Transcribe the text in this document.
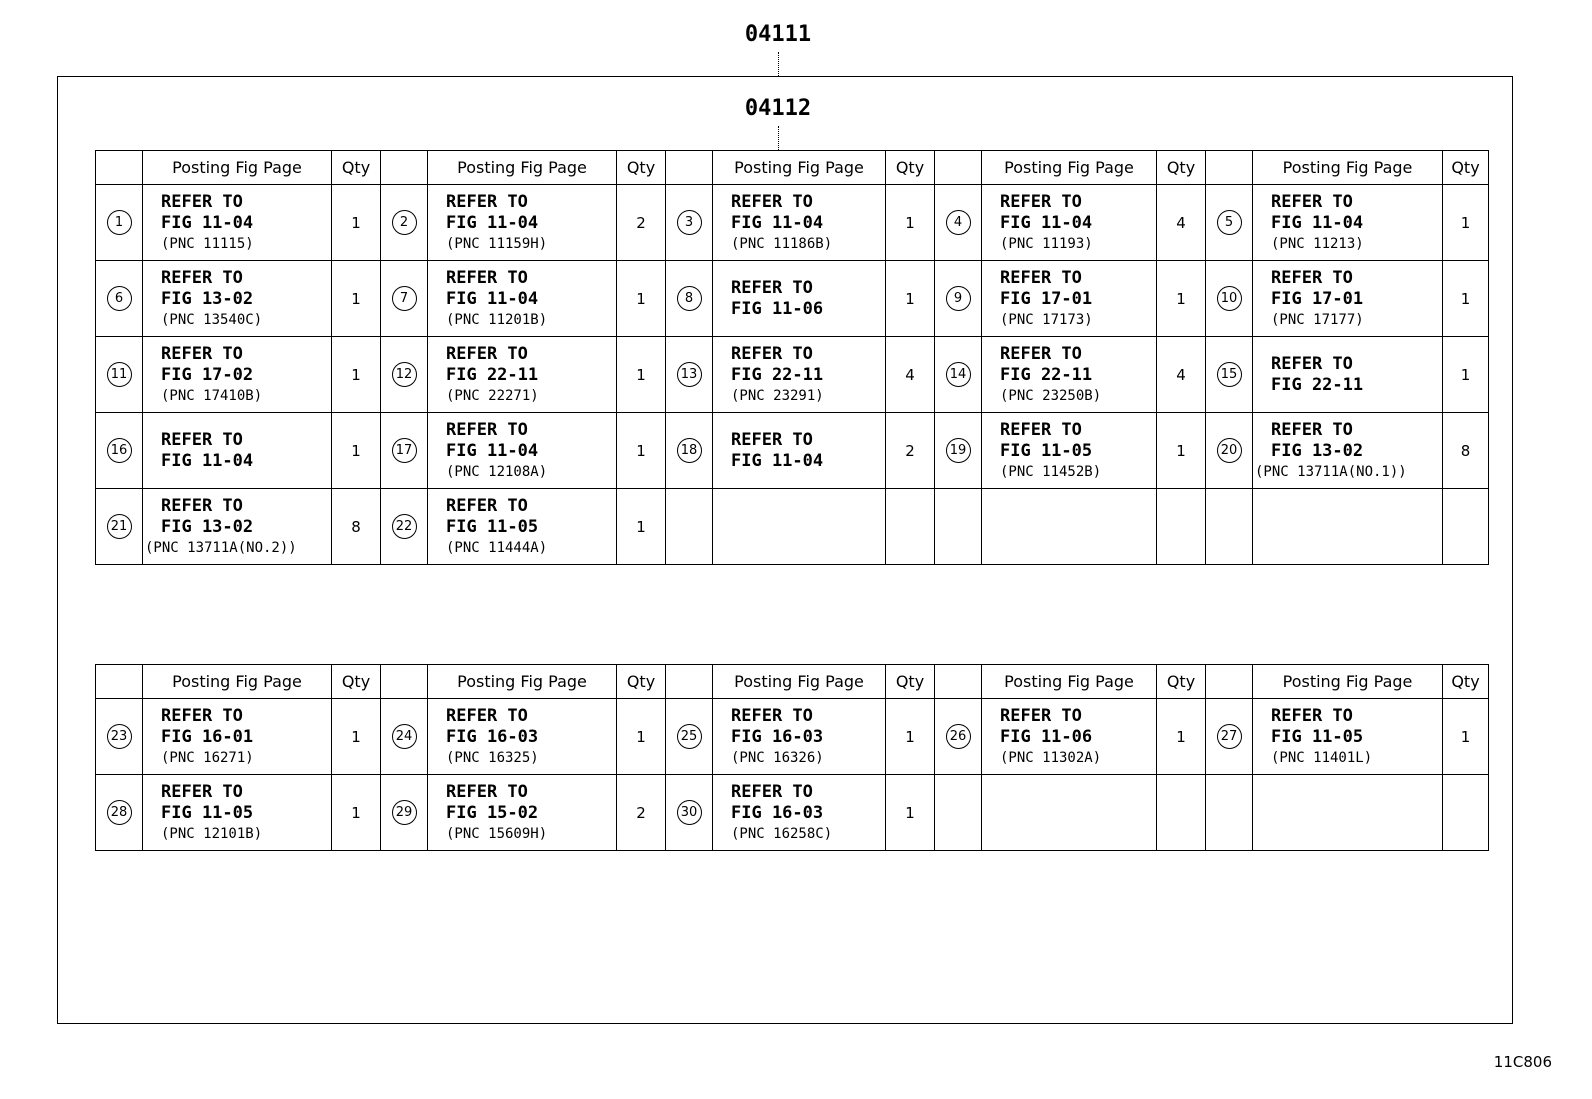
04111
04112
	Posting Fig Page	Qty		Posting Fig Page	Qty		Posting Fig Page	Qty		Posting Fig Page	Qty		Posting Fig Page	Qty
1	REFER TO
FIG 11-04
(PNC 11115)	1	2	REFER TO
FIG 11-04
(PNC 11159H)	2	3	REFER TO
FIG 11-04
(PNC 11186B)	1	4	REFER TO
FIG 11-04
(PNC 11193)	4	5	REFER TO
FIG 11-04
(PNC 11213)	1
6	REFER TO
FIG 13-02
(PNC 13540C)	1	7	REFER TO
FIG 11-04
(PNC 11201B)	1	8	REFER TO
FIG 11-06	1	9	REFER TO
FIG 17-01
(PNC 17173)	1	10	REFER TO
FIG 17-01
(PNC 17177)	1
11	REFER TO
FIG 17-02
(PNC 17410B)	1	12	REFER TO
FIG 22-11
(PNC 22271)	1	13	REFER TO
FIG 22-11
(PNC 23291)	4	14	REFER TO
FIG 22-11
(PNC 23250B)	4	15	REFER TO
FIG 22-11	1
16	REFER TO
FIG 11-04	1	17	REFER TO
FIG 11-04
(PNC 12108A)	1	18	REFER TO
FIG 11-04	2	19	REFER TO
FIG 11-05
(PNC 11452B)	1	20	REFER TO
FIG 13-02
(PNC 13711A(NO.1))	8
21	REFER TO
FIG 13-02
(PNC 13711A(NO.2))	8	22	REFER TO
FIG 11-05
(PNC 11444A)	1									
	Posting Fig Page	Qty		Posting Fig Page	Qty		Posting Fig Page	Qty		Posting Fig Page	Qty		Posting Fig Page	Qty
23	REFER TO
FIG 16-01
(PNC 16271)	1	24	REFER TO
FIG 16-03
(PNC 16325)	1	25	REFER TO
FIG 16-03
(PNC 16326)	1	26	REFER TO
FIG 11-06
(PNC 11302A)	1	27	REFER TO
FIG 11-05
(PNC 11401L)	1
28	REFER TO
FIG 11-05
(PNC 12101B)	1	29	REFER TO
FIG 15-02
(PNC 15609H)	2	30	REFER TO
FIG 16-03
(PNC 16258C)	1						
11C806
